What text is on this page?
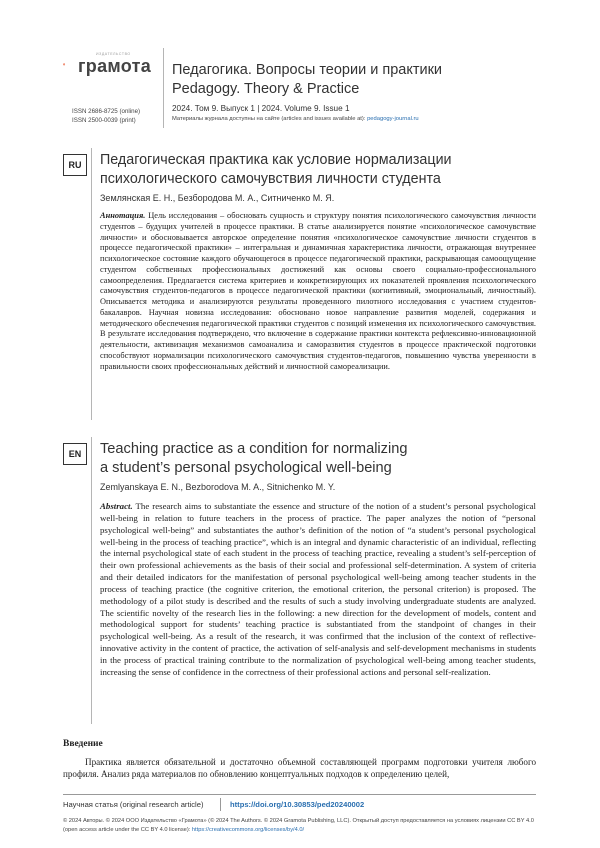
ИЗДАТЕЛЬСТВО
грамота
ISSN 2686-8725 (online)
ISSN 2500-0039 (print)
Педагогика. Вопросы теории и практики
Pedagogy. Theory & Practice
2024. Том 9. Выпуск 1 | 2024. Volume 9. Issue 1
Материалы журнала доступны на сайте (articles and issues available at): pedagogy-journal.ru
RU	Педагогическая практика как условие нормализации
психологического самочувствия личности студента
Землянская Е. Н., Безбородова М. А., Ситниченко М. Я.
Аннотация. Цель исследования – обосновать сущность и структуру понятия психологического самочувствия личности студентов – будущих учителей в процессе практики. В статье анализируется понятие «психологическое самочувствие личности» и обосновывается авторское определение понятия «психологическое самочувствие личности студентов в процессе педагогической практики» – интегральная и динамичная характеристика личности, отражающая внутреннее психологическое состояние каждого обучающегося в процессе педагогической практики, раскрывающая самоощущение студентом собственных профессиональных достижений как основы своего социально-профессионального самоопределения. Предлагается система критериев и конкретизирующих их показателей проявления психологического самочувствия студентов-педагогов в процессе педагогической практики (когнитивный, эмоциональный, личностный). Описывается методика и анализируются результаты проведенного пилотного исследования с участием студентов-бакалавров. Научная новизна исследования: обосновано новое направление развития моделей, содержания и методического обеспечения педагогической практики студентов с позиций изменения их психологического самочувствия. В результате исследования подтверждено, что включение в содержание практики контекста рефлексивно-инновационной деятельности, активизация механизмов самоанализа и саморазвития студентов в процессе практической подготовки способствуют нормализации психологического самочувствия студентов-педагогов, повышению чувства уверенности в правильности своих профессиональных действий и личностной самореализации.
EN	Teaching practice as a condition for normalizing
a student’s personal psychological well-being
Zemlyanskaya E. N., Bezborodova M. A., Sitnichenko M. Y.
Abstract. The research aims to substantiate the essence and structure of the notion of a student’s personal psychological well-being in relation to future teachers in the process of practice. The paper analyzes the notion of “personal psychological well-being” and substantiates the author’s definition of the notion of “a student’s personal psychological well-being in the process of teaching practice”, which is an integral and dynamic characteristic of an individual, reflecting the internal psychological state of each student in the process of teaching practice, revealing a student’s self-perception of their own professional achievements as the basis of their social and professional self-determination. A system of criteria and their detailed indicators for the manifestation of personal psychological well-being among teacher students in the process of teaching practice (the cognitive criterion, the emotional criterion, the personal criterion) is proposed. The methodology of a pilot study is described and the results of such a study involving undergraduate students are analyzed. The scientific novelty of the research lies in the following: a new direction for the development of models, content and methodological support for students’ teaching practice is substantiated from the standpoint of changes in their psychological well-being. As a result of the research, it was confirmed that the inclusion of the context of reflective-innovative activity in the content of practice, the activation of self-analysis and self-development mechanisms in students in the process of practical training contribute to the normalization of psychological well-being among teacher students, increasing the sense of confidence in the correctness of their professional actions and personal self-realization.
Введение
Практика является обязательной и достаточно объемной составляющей программ подготовки учителя любого профиля. Анализ ряда материалов по обновлению концептуальных подходов к определению целей,
Научная статья (original research article)	https://doi.org/10.30853/ped20240002
© 2024 Авторы. © 2024 ООО Издательство «Грамота» (© 2024 The Authors. © 2024 Gramota Publishing, LLC). Открытый доступ предоставляется на условиях лицензии CC BY 4.0 (open access article under the CC BY 4.0 license): https://creativecommons.org/licenses/by/4.0/
